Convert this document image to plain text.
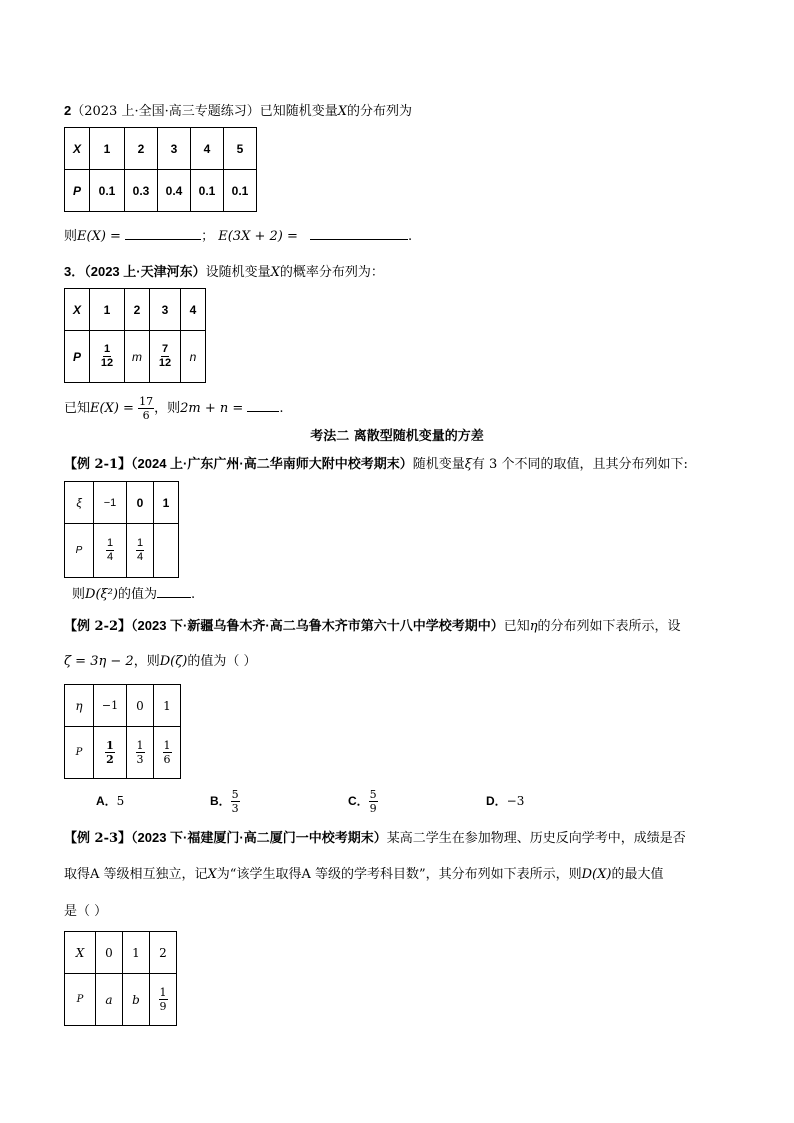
2（2023 上·全国·高三专题练习）已知随机变量X的分布列为
X	1	2	3	4	5
P	0.1	0.3	0.4	0.1	0.1
则E(X) =	； E(3X + 2) =	.
3．（2023 上·天津河东）设随机变量X的概率分布列为：
X	1	2	3	4
P	$\frac{1}{12}$	m	$\frac{7}{12}$	n
已知$E(X) = \frac{17}{6}$ ，则2m + n =	.
考法二 离散型随机变量的方差
【例 2-1】（2024 上·广东广州·高二华南师大附中校考期末）随机变量ξ有 3 个不同的取值，且其分布列如下:
ξ	−1	0	1
P	$\frac{1}{4}$	$\frac{1}{4}$

则D(ξ²)的值为	.
【例 2-2】（2023 下·新疆乌鲁木齐·高二乌鲁木齐市第六十八中学校考期中）已知η的分布列如下表所示，设
ζ = 3η − 2，则D(ζ)的值为（ ）
η	−1	0	1
P	$\frac{1}{2}$	$\frac{1}{3}$	$\frac{1}{6}$
A．5	B． $\frac{5}{3}$	C． $\frac{5}{9}$	D．−3
【例 2-3】（2023 下·福建厦门·高二厦门一中校考期末）某高二学生在参加物理、历史反向学考中，成绩是否
取得A 等级相互独立，记X为“该学生取得A 等级的学考科目数”，其分布列如下表所示，则D(X)的最大值
是（ ）
X	0	1	2
P	a	b	$\frac{1}{9}$
